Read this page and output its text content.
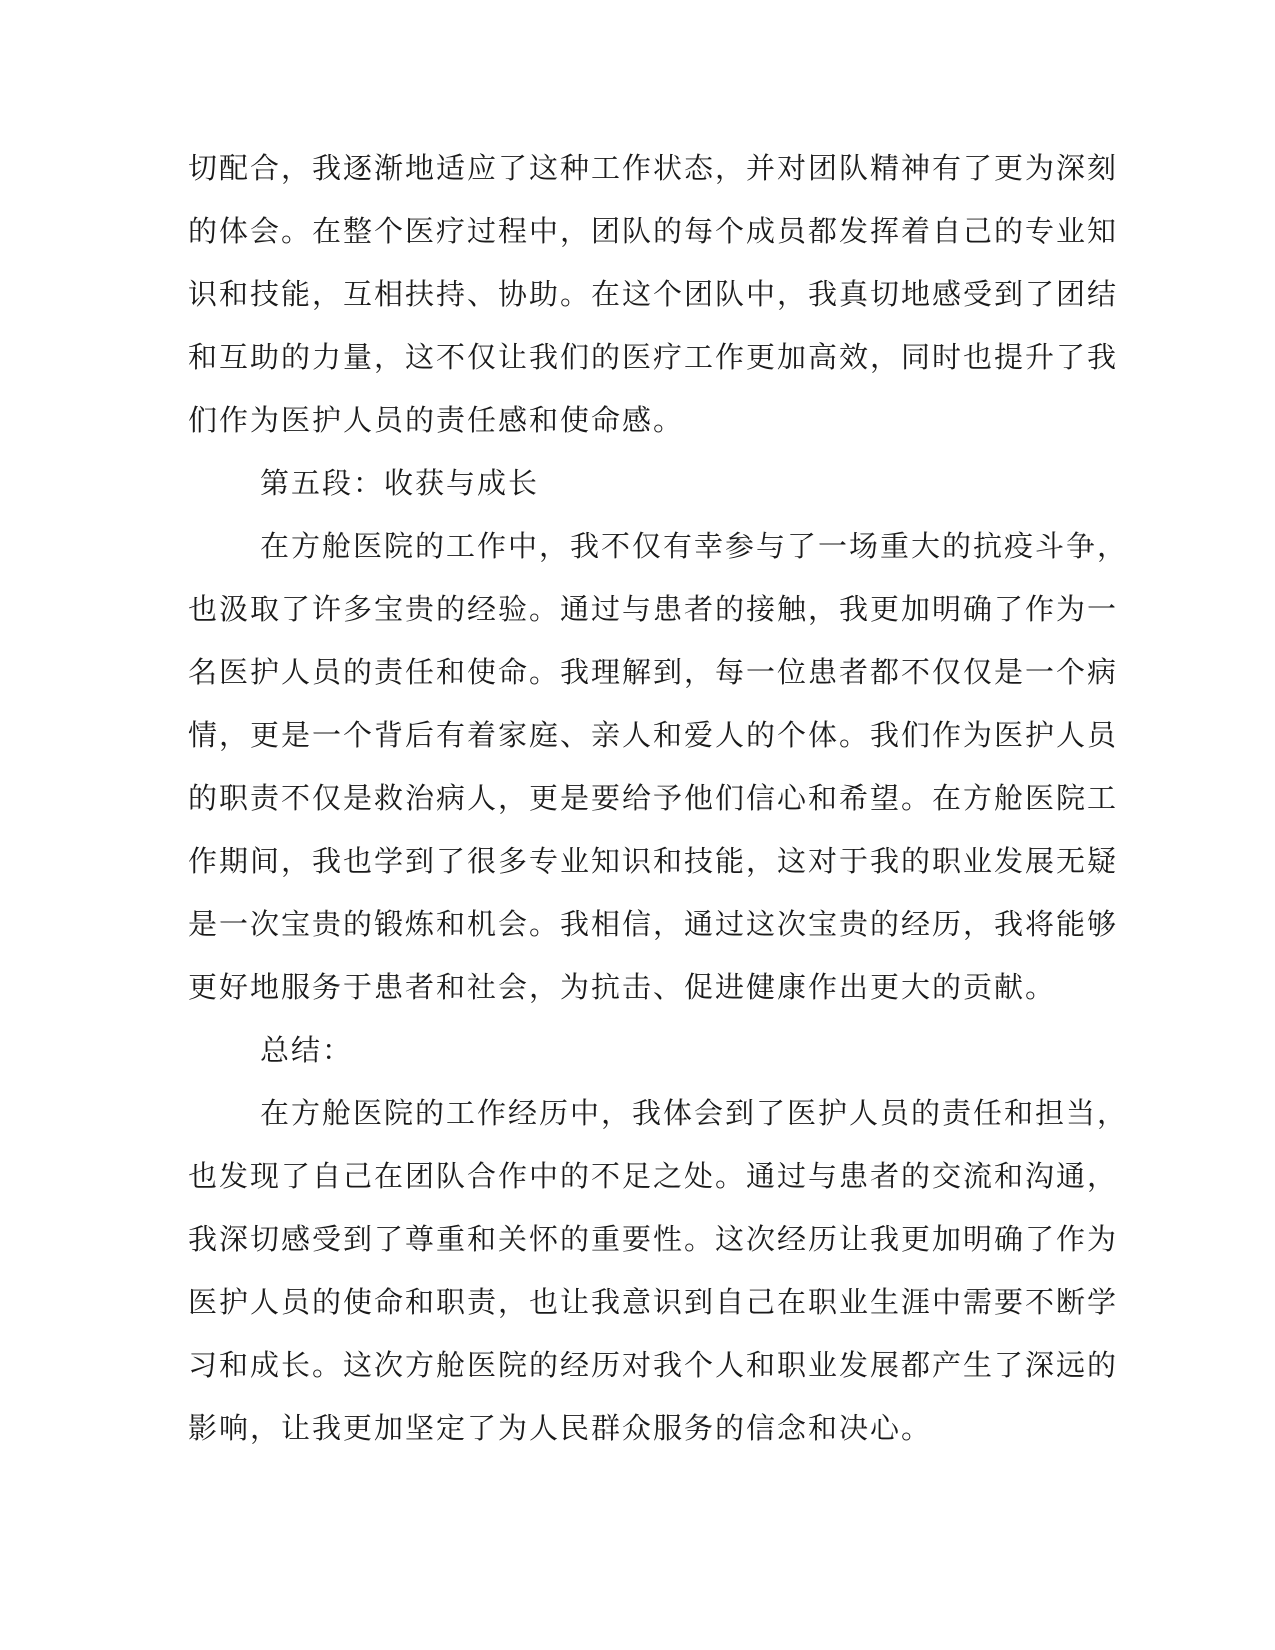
切配合，我逐渐地适应了这种工作状态，并对团队精神有了更为深刻
的体会。在整个医疗过程中，团队的每个成员都发挥着自己的专业知
识和技能，互相扶持、协助。在这个团队中，我真切地感受到了团结
和互助的力量，这不仅让我们的医疗工作更加高效，同时也提升了我
们作为医护人员的责任感和使命感。
第五段：收获与成长
在方舱医院的工作中，我不仅有幸参与了一场重大的抗疫斗争，
也汲取了许多宝贵的经验。通过与患者的接触，我更加明确了作为一
名医护人员的责任和使命。我理解到，每一位患者都不仅仅是一个病
情，更是一个背后有着家庭、亲人和爱人的个体。我们作为医护人员
的职责不仅是救治病人，更是要给予他们信心和希望。在方舱医院工
作期间，我也学到了很多专业知识和技能，这对于我的职业发展无疑
是一次宝贵的锻炼和机会。我相信，通过这次宝贵的经历，我将能够
更好地服务于患者和社会，为抗击、促进健康作出更大的贡献。
总结：
在方舱医院的工作经历中，我体会到了医护人员的责任和担当，
也发现了自己在团队合作中的不足之处。通过与患者的交流和沟通，
我深切感受到了尊重和关怀的重要性。这次经历让我更加明确了作为
医护人员的使命和职责，也让我意识到自己在职业生涯中需要不断学
习和成长。这次方舱医院的经历对我个人和职业发展都产生了深远的
影响，让我更加坚定了为人民群众服务的信念和决心。
